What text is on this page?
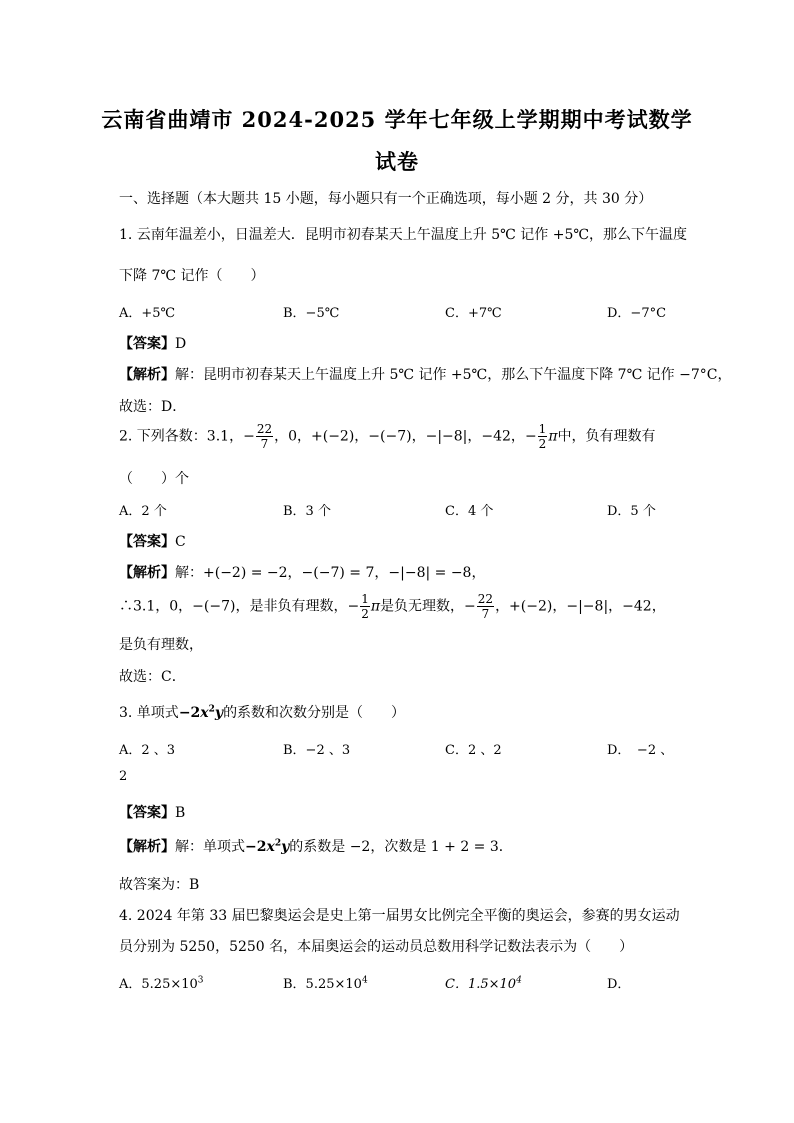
云南省曲靖市 2024-2025 学年七年级上学期期中考试数学
试卷
一、选择题（本大题共 15 小题，每小题只有一个正确选项，每小题 2 分，共 30 分）
1. 云南年温差小，日温差大．昆明市初春某天上午温度上升 5℃ 记作 +5℃，那么下午温度
下降 7℃ 记作（　　）
A．+5℃	B．−5℃	C．+7℃	D．−7°C
【答案】D
【解析】解：昆明市初春某天上午温度上升 5℃ 记作 +5℃，那么下午温度下降 7℃ 记作 −7°C，
故选：D．
2. 下列各数：3.1，− $\frac{22}{7}$ ，0，+(−2)，−(−7)，−|−8|，−42，− $\frac{1}{2}$ π中，负有理数有
（　　）个
A．2 个	B．3 个	C．4 个	D．5 个
【答案】C
【解析】解：+(−2) = −2，−(−7) = 7，−|−8| = −8，
∴3.1，0，−(−7)，是非负有理数，− $\frac{1}{2}$ π是负无理数，− $\frac{22}{7}$ ，+(−2)，−|−8|，−42，
是负有理数，
故选：C．
3. 单项式$-2x^2y$的系数和次数分别是（　　）
A．2 、3	B．−2 、3	C．2 、2	D．　−2 、
2
【答案】B
【解析】解：单项式$-2x^2y$的系数是 −2，次数是 1 + 2 = 3．
故答案为：B
4. 2024 年第 33 届巴黎奥运会是史上第一届男女比例完全平衡的奥运会，参赛的男女运动
员分别为 5250，5250 名，本届奥运会的运动员总数用科学记数法表示为（　　）
A．$5.25\times 10^3$	B．$5.25\times 10^4$	C．$1.5\times 10^4$	D．
